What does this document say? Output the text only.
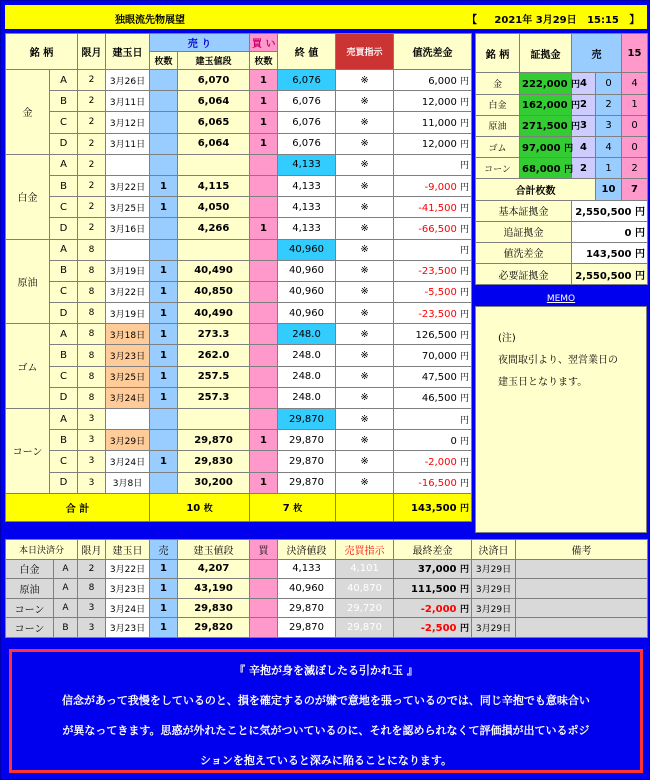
独眼流先物展望	【 2021年 3月29日 15:15 】
銘 柄		限月	建玉日	売 り		買 い	終 値	売買指示	値洗差金
				枚数	建玉値段	枚数			
金	A	2	3月26日		6,070	1	6,076	※	6,000 円
	B	2	3月11日		6,064	1	6,076	※	12,000 円
	C	2	3月12日		6,065	1	6,076	※	11,000 円
	D	2	3月11日		6,064	1	6,076	※	12,000 円
白金	A	2					4,133	※	円
	B	2	3月22日	1	4,115		4,133	※	-9,000 円
	C	2	3月25日	1	4,050		4,133	※	-41,500 円
	D	2	3月16日		4,266	1	4,133	※	-66,500 円
原油	A	8					40,960	※	円
	B	8	3月19日	1	40,490		40,960	※	-23,500 円
	C	8	3月22日	1	40,850		40,960	※	-5,500 円
	D	8	3月19日	1	40,490		40,960	※	-23,500 円
ゴム	A	8	3月18日	1	273.3		248.0	※	126,500 円
	B	8	3月23日	1	262.0		248.0	※	70,000 円
	C	8	3月25日	1	257.5		248.0	※	47,500 円
	D	8	3月24日	1	257.3		248.0	※	46,500 円
コーン	A	3					29,870	※	円
	B	3	3月29日		29,870	1	29,870	※	0 円
	C	3	3月24日	1	29,830		29,870	※	-2,000 円
	D	3	3月8日		30,200	1	29,870	※	-16,500 円
合 計				10 枚		7 枚			143,500 円
銘 柄	証拠金	売		15
金	222,000 円	4	0	4
白金	162,000 円	2	2	1
原油	271,500 円	3	3	0
ゴム	97,000 円	4	4	0
コーン	68,000 円	2	1	2
合計枚数			10	7
基本証拠金		2,550,500 円		
追証拠金		0 円		
値洗差金		143,500 円		
必要証拠金		2,550,500 円		
MEMO
(注)
夜間取引より、翌営業日の
建玉日となります。
本日決済分		限月	建玉日	売	建玉値段	買	決済値段	売買指示	最終差金	決済日	備考
白金	A	2	3月22日	1	4,207		4,133	4,101	37,000 円	3月29日	
原油	A	8	3月23日	1	43,190		40,960	40,870	111,500 円	3月29日	
コーン	A	3	3月24日	1	29,830		29,870	29,720	-2,000 円	3月29日	
コーン	B	3	3月23日	1	29,820		29,870	29,870	-2,500 円	3月29日	
『 辛抱が身を滅ぼしたる引かれ玉 』
信念があって我慢をしているのと、損を確定するのが嫌で意地を張っているのでは、同じ辛抱でも意味合い
が異なってきます。思惑が外れたことに気がついているのに、それを認められなくて評価損が出ているポジ
ションを抱えていると深みに陥ることになります。
